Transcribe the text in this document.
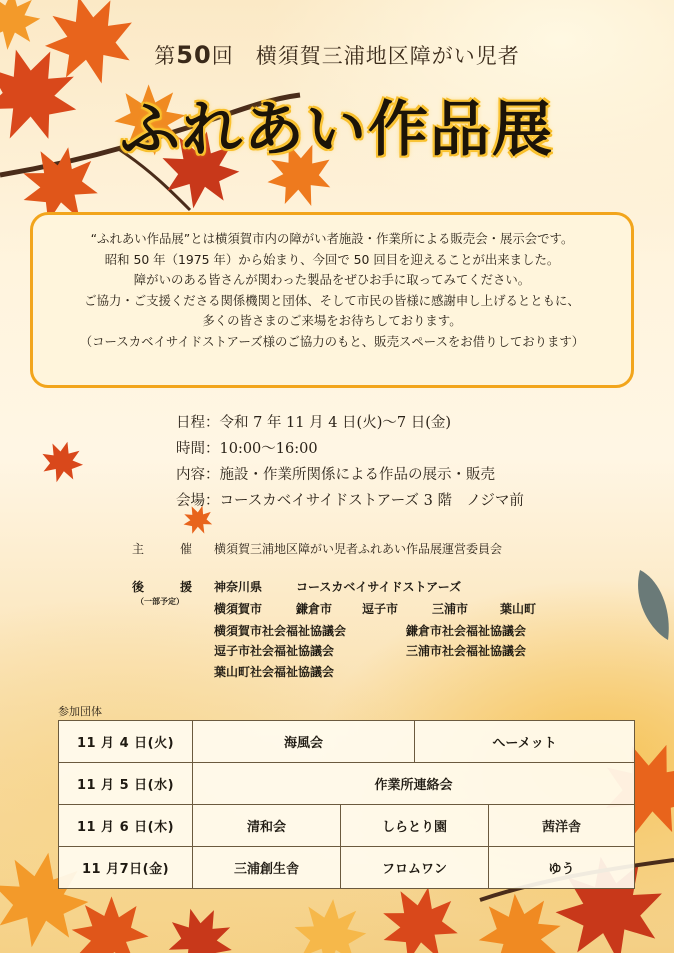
第50回　横須賀三浦地区障がい児者
ふれあい作品展
“ふれあい作品展”とは横須賀市内の障がい者施設・作業所による販売会・展示会です。
昭和 50 年（1975 年）から始まり、今回で 50 回目を迎えることが出来ました。
障がいのある皆さんが関わった製品をぜひお手に取ってみてください。
ご協力・ご支援くださる関係機関と団体、そして市民の皆様に感謝申し上げるとともに、
多くの皆さまのご来場をお待ちしております。
（コースカベイサイドストアーズ様のご協力のもと、販売スペースをお借りしております）
日程：令和 7 年 11 月 4 日(火)～7 日(金)
時間：10:00～16:00
内容：施設・作業所関係による作品の展示・販売
会場：コースカベイサイドストアーズ 3 階　ノジマ前
主　催 横須賀三浦地区障がい児者ふれあい作品展運営委員会
後　援
（一部予定）
神奈川県	コースカベイサイドストアーズ
横須賀市	鎌倉市 逗子市	三浦市	葉山町
横須賀市社会福祉協議会	鎌倉市社会福祉協議会
逗子市社会福祉協議会	三浦市社会福祉協議会
葉山町社会福祉協議会
参加団体
11 月 4 日(火)	海風会		へーメット	
11 月 5 日(水)	作業所連絡会			
11 月 6 日(木)	清和会	しらとり園		茜洋舎
11 月7日(金)	三浦創生舎	フロムワン		ゆう
